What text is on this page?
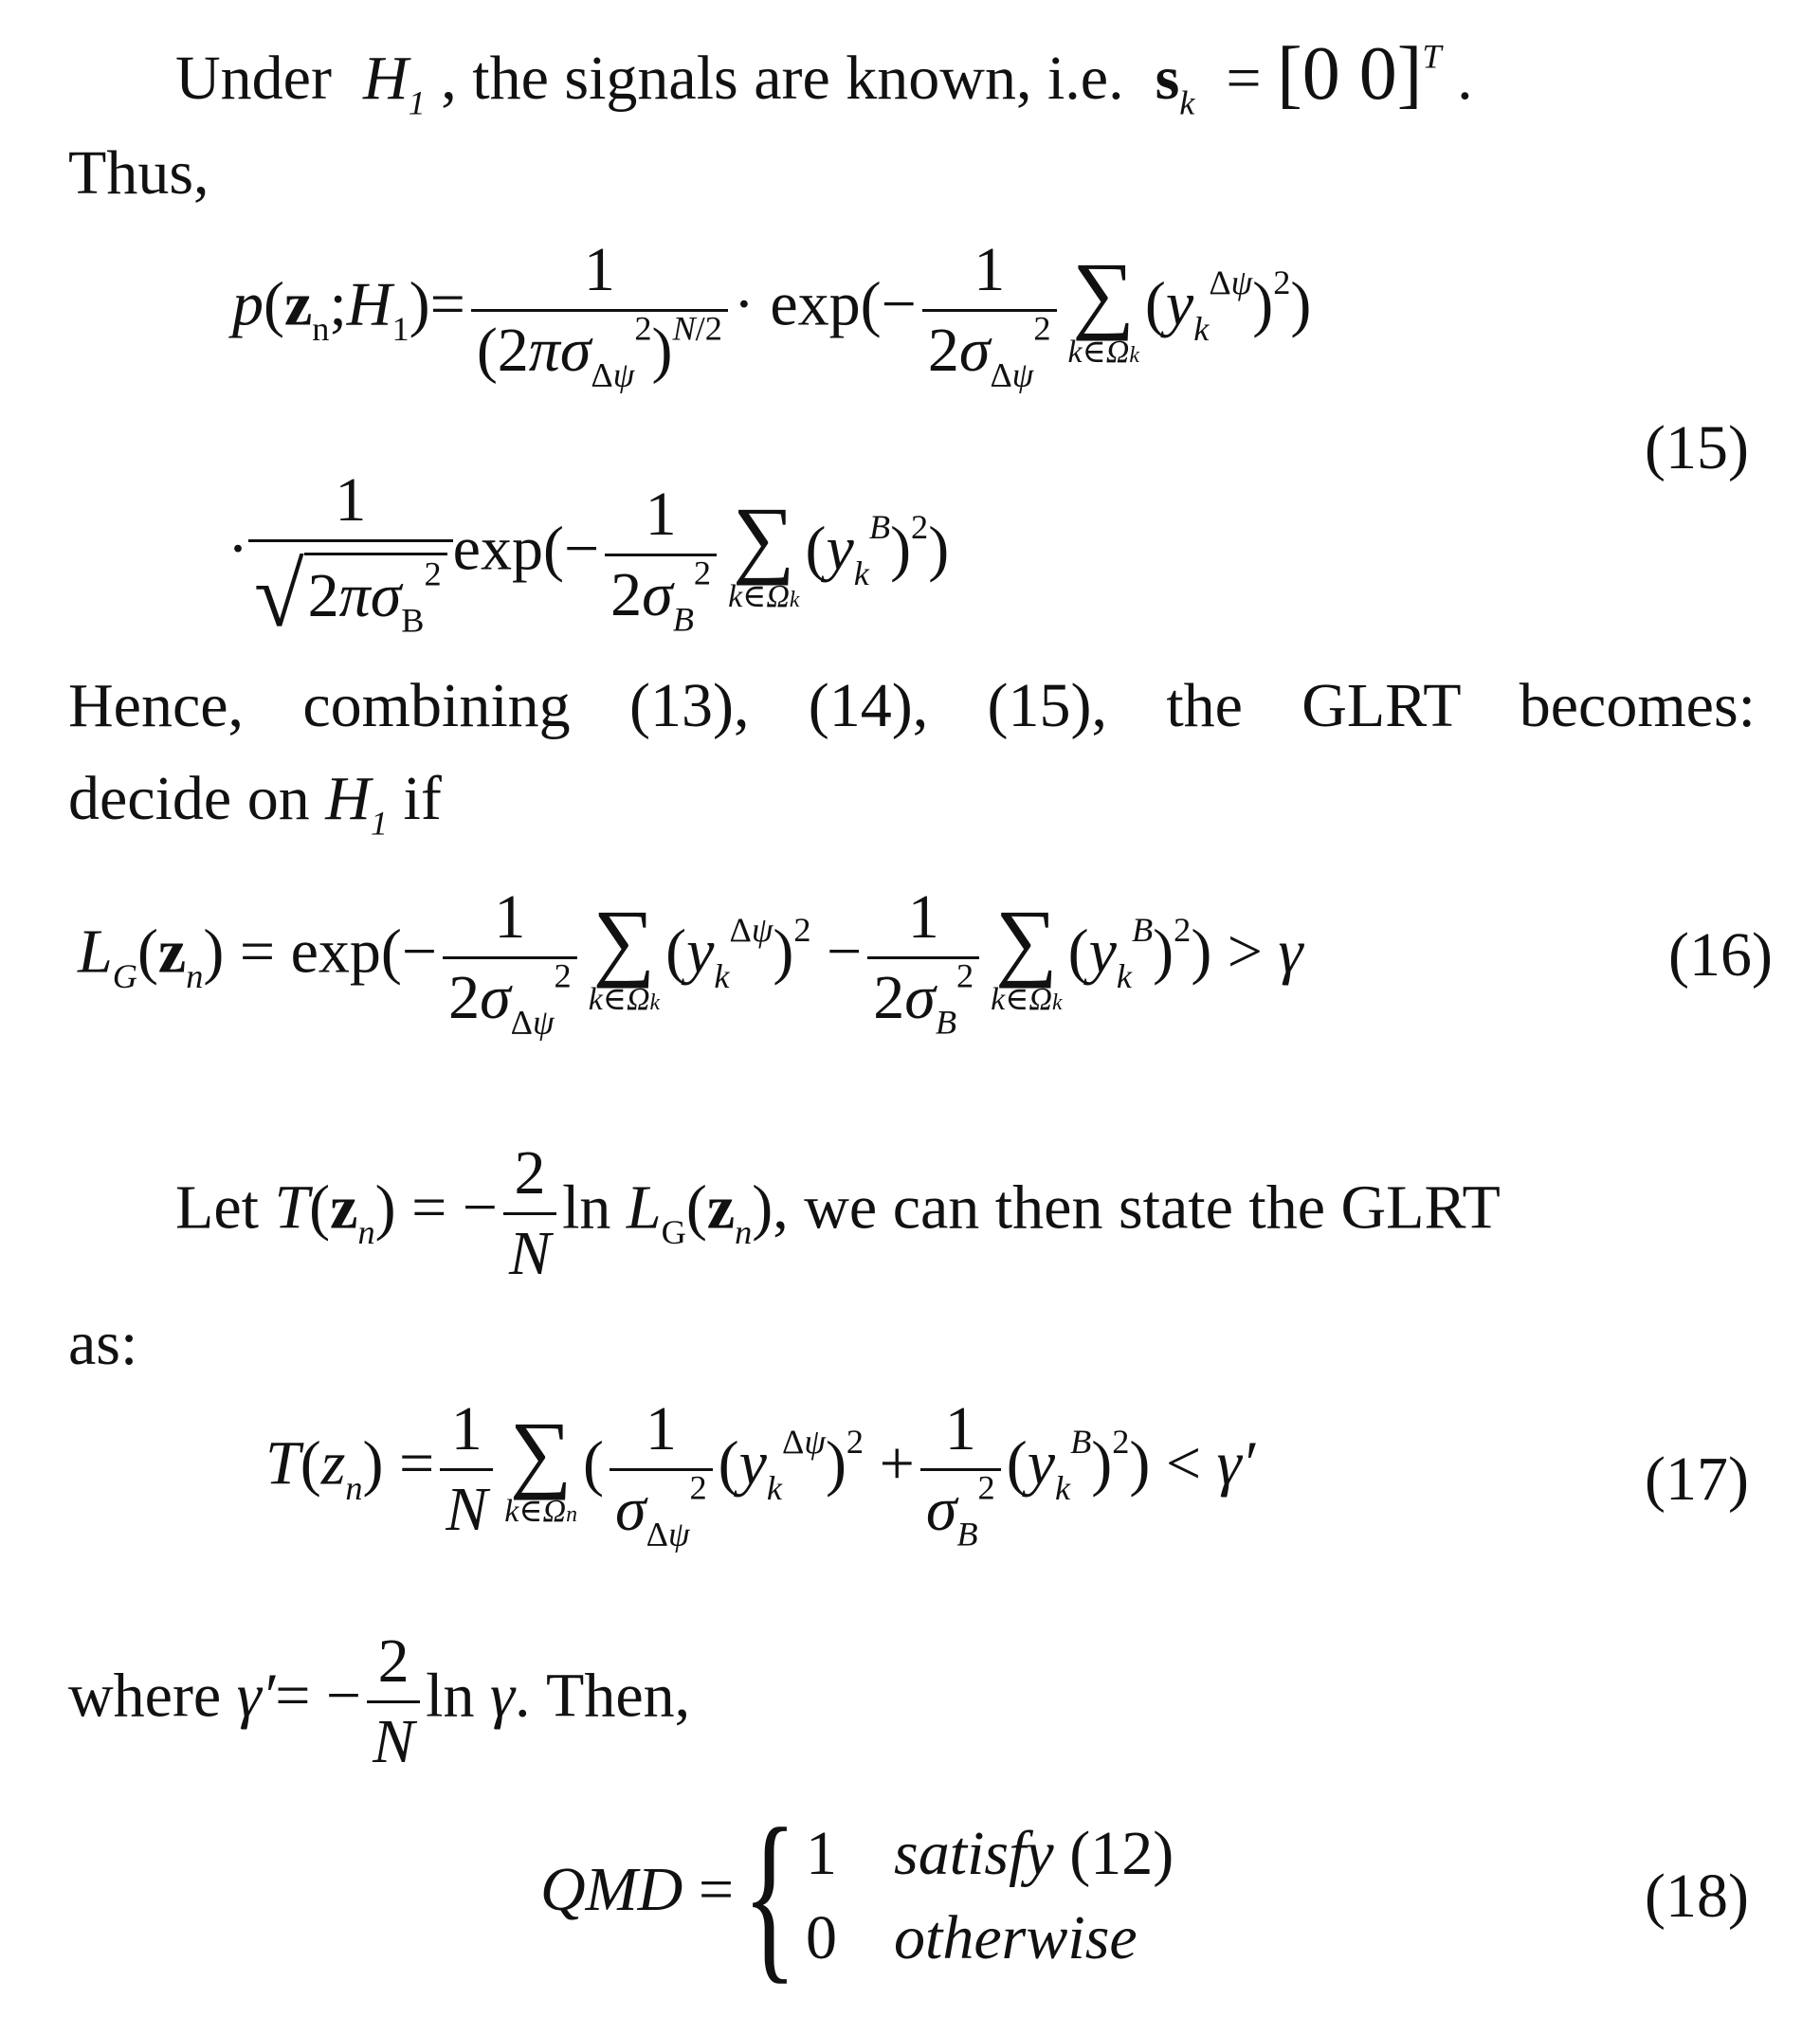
Under  $H_1$ , the signals are known, i.e.  $s_k = [0$ 0]$^T$ .
Thus,
$p(z_n;H_1)= \frac{1}{(2\pi\sigma_{\Delta\psi}^2)^{N/2}} \cdot \exp(- \frac{1}{2\sigma_{\Delta\psi}^2}$ ∑
k∈Ωk
$(y_k^{\Delta\psi})^2$)
(15)
· $\frac{1}{√2\pi\sigma_B^2} \exp(- \frac{1}{2\sigma_B^2}$ ∑
k∈Ωk
$(y_k^B)^2$)
Hence, combining (13), (14), (15), the GLRT becomes:
decide on $H_1$ if
$L_G(z_n) = \exp(- \frac{1}{2\sigma_{\Delta\psi}^2}$ ∑
k∈Ωk
$(y_k^{\Delta\psi})^2 - \frac{1}{2\sigma_B^2}$ ∑
k∈Ωk
$(y_k^B)^2) > \gamma$	(16)
Let $T(z_n)$ = − $\frac{2}{N}$ $\ln L_G(z_n)$, we can then state the GLRT
as:
$T(z_n) = \frac{1}{N}$ ∑
k∈Ωn
( $\frac{1}{\sigma_{\Delta\psi}^2} (y_k^{\Delta\psi})^2 + \frac{1}{\sigma_B^2} (y_k^B)^2) < \gamma'$	(17)
where $\gamma'= - \frac{2}{N}$ ln γ. Then,
QMD ={ 1 satisfy (12)
0 otherwise
(18)
